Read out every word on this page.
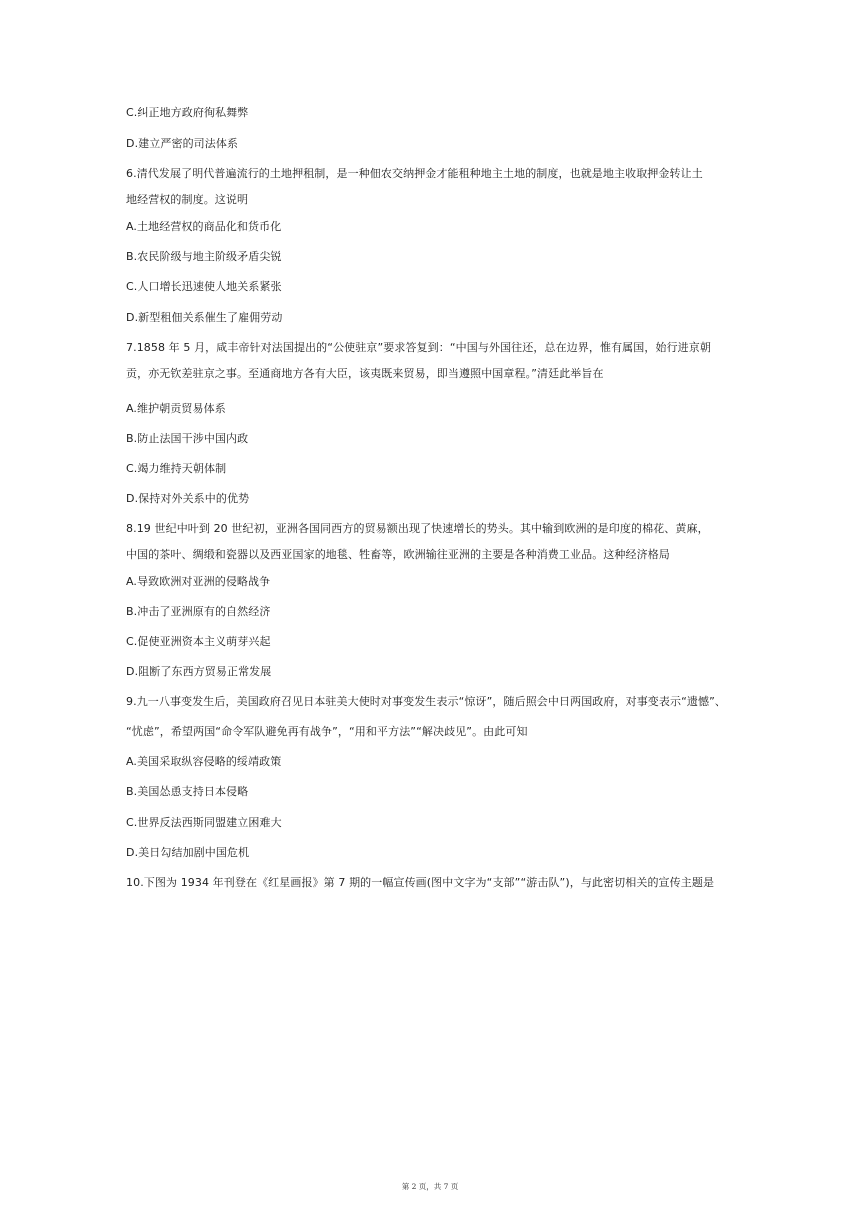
C.纠正地方政府徇私舞弊
D.建立严密的司法体系
6.清代发展了明代普遍流行的土地押租制，是一种佃农交纳押金才能租种地主土地的制度，也就是地主收取押金转让土
地经营权的制度。这说明
A.土地经营权的商品化和货币化
B.农民阶级与地主阶级矛盾尖锐
C.人口增长迅速使人地关系紧张
D.新型租佃关系催生了雇佣劳动
7.1858 年 5 月，咸丰帝针对法国提出的“公使驻京”要求答复到：“中国与外国往还，总在边界，惟有属国，始行进京朝
贡，亦无钦差驻京之事。至通商地方各有大臣，该夷既来贸易，即当遵照中国章程。”清廷此举旨在
A.维护朝贡贸易体系
B.防止法国干涉中国内政
C.竭力维持天朝体制
D.保持对外关系中的优势
8.19 世纪中叶到 20 世纪初，亚洲各国同西方的贸易额出现了快速增长的势头。其中输到欧洲的是印度的棉花、黄麻，
中国的茶叶、绸缎和瓷器以及西亚国家的地毯、牲畜等，欧洲输往亚洲的主要是各种消费工业品。这种经济格局
A.导致欧洲对亚洲的侵略战争
B.冲击了亚洲原有的自然经济
C.促使亚洲资本主义萌芽兴起
D.阻断了东西方贸易正常发展
9.九一八事变发生后，美国政府召见日本驻美大使时对事变发生表示“惊讶”，随后照会中日两国政府，对事变表示“遗憾”、
“忧虑”，希望两国“命令军队避免再有战争”，“用和平方法”“解决歧见”。由此可知
A.美国采取纵容侵略的绥靖政策
B.美国怂恿支持日本侵略
C.世界反法西斯同盟建立困难大
D.美日勾结加剧中国危机
10.下图为 1934 年刊登在《红星画报》第 7 期的一幅宣传画(图中文字为“支部”“游击队”)，与此密切相关的宣传主题是
第 2 页，共 7 页
